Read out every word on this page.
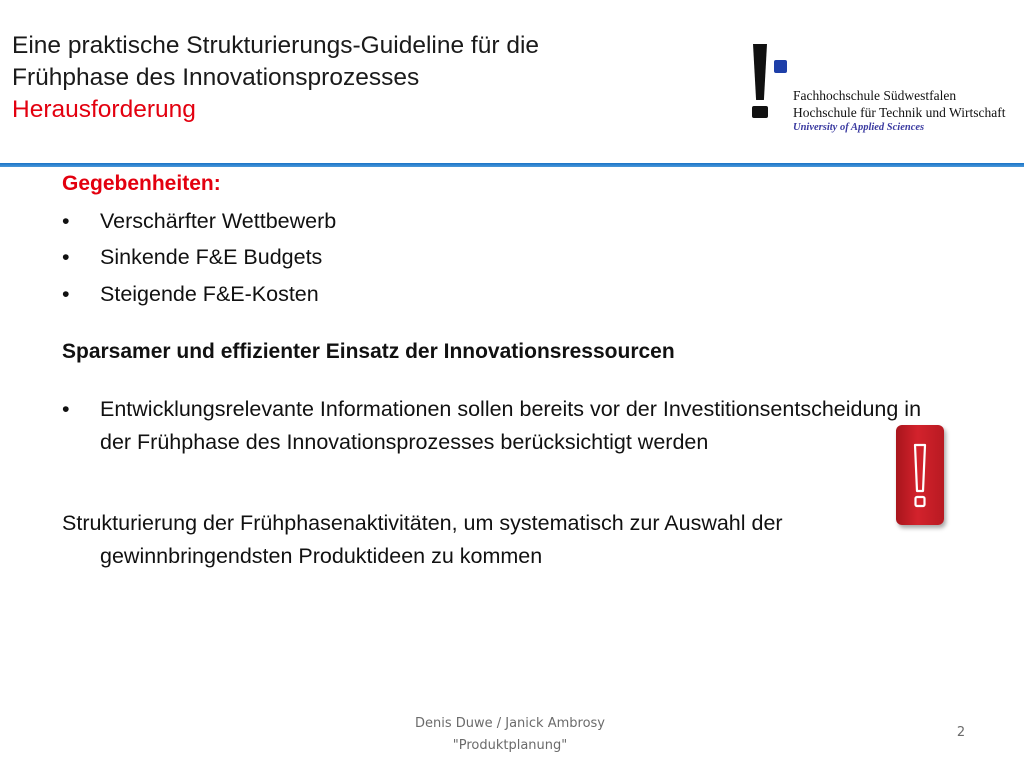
Eine praktische Strukturierungs-Guideline für die
Frühphase des Innovationsprozesses
Herausforderung
Fachhochschule Südwestfalen
Hochschule für Technik und Wirtschaft
University of Applied Sciences
Gegebenheiten:
• Verschärfter Wettbewerb
• Sinkende F&E Budgets
• Steigende F&E-Kosten
Sparsamer und effizienter Einsatz der Innovationsressourcen
• Entwicklungsrelevante Informationen sollen bereits vor der Investitionsentscheidung in der Frühphase des Innovationsprozesses berücksichtigt werden
Strukturierung der Frühphasenaktivitäten, um systematisch zur Auswahl der gewinnbringendsten Produktideen zu kommen
Denis Duwe / Janick Ambrosy
"Produktplanung"
2
